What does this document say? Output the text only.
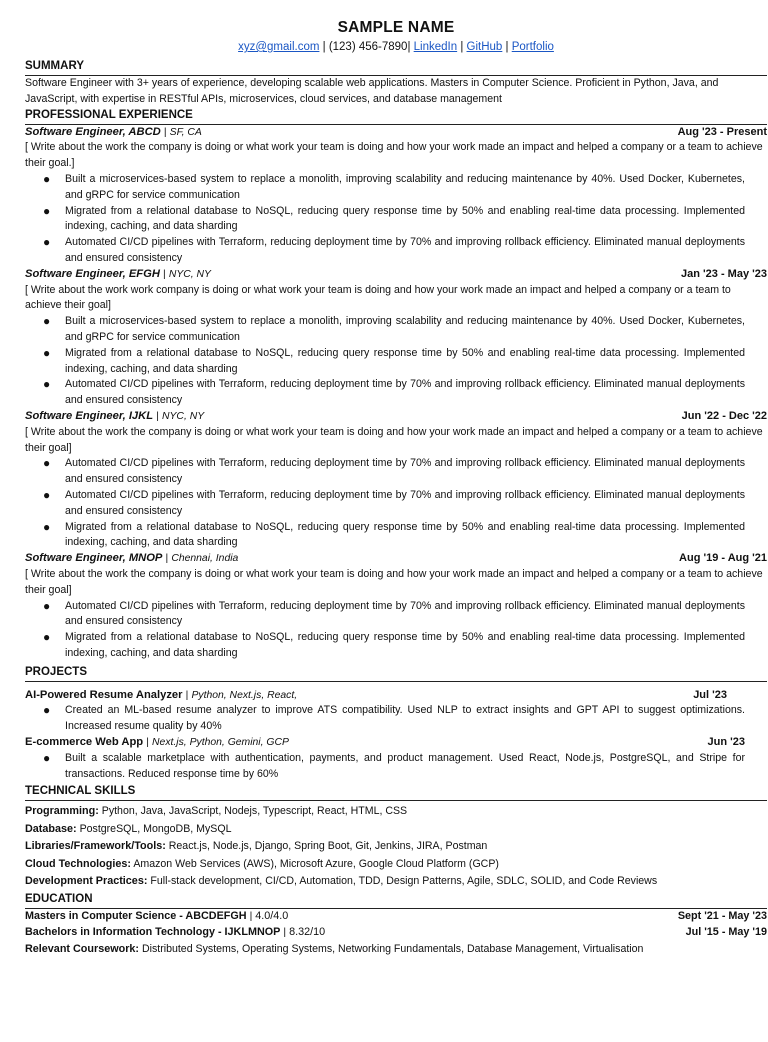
SAMPLE NAME
xyz@gmail.com | (123) 456-7890| LinkedIn | GitHub | Portfolio
SUMMARY
Software Engineer with 3+ years of experience, developing scalable web applications. Masters in Computer Science. Proficient in Python, Java, and JavaScript, with expertise in RESTful APIs, microservices, cloud services, and database management
PROFESSIONAL EXPERIENCE
Software Engineer, ABCD | SF, CA	Aug '23 - Present
[ Write about the work the company is doing or what work your team is doing and how your work made an impact and helped a company or a team to achieve their goal.]
● Built a microservices-based system to replace a monolith, improving scalability and reducing maintenance by 40%. Used Docker, Kubernetes, and gRPC for service communication
● Migrated from a relational database to NoSQL, reducing query response time by 50% and enabling real-time data processing. Implemented indexing, caching, and data sharding
● Automated CI/CD pipelines with Terraform, reducing deployment time by 70% and improving rollback efficiency. Eliminated manual deployments and ensured consistency
Software Engineer, EFGH | NYC, NY	Jan '23 - May '23
[ Write about the work work company is doing or what work your team is doing and how your work made an impact and helped a company or a team to achieve their goal]
● Built a microservices-based system to replace a monolith, improving scalability and reducing maintenance by 40%. Used Docker, Kubernetes, and gRPC for service communication
● Migrated from a relational database to NoSQL, reducing query response time by 50% and enabling real-time data processing. Implemented indexing, caching, and data sharding
● Automated CI/CD pipelines with Terraform, reducing deployment time by 70% and improving rollback efficiency. Eliminated manual deployments and ensured consistency
Software Engineer, IJKL | NYC, NY	Jun '22 - Dec '22
[ Write about the work the company is doing or what work your team is doing and how your work made an impact and helped a company or a team to achieve their goal]
● Automated CI/CD pipelines with Terraform, reducing deployment time by 70% and improving rollback efficiency. Eliminated manual deployments and ensured consistency
● Automated CI/CD pipelines with Terraform, reducing deployment time by 70% and improving rollback efficiency. Eliminated manual deployments and ensured consistency
● Migrated from a relational database to NoSQL, reducing query response time by 50% and enabling real-time data processing. Implemented indexing, caching, and data sharding
Software Engineer, MNOP | Chennai, India	Aug '19 - Aug '21
[ Write about the work the company is doing or what work your team is doing and how your work made an impact and helped a company or a team to achieve their goal]
● Automated CI/CD pipelines with Terraform, reducing deployment time by 70% and improving rollback efficiency. Eliminated manual deployments and ensured consistency
● Migrated from a relational database to NoSQL, reducing query response time by 50% and enabling real-time data processing. Implemented indexing, caching, and data sharding
PROJECTS
AI-Powered Resume Analyzer | Python, Next.js, React,	Jul '23
● Created an ML-based resume analyzer to improve ATS compatibility. Used NLP to extract insights and GPT API to suggest optimizations. Increased resume quality by 40%
E-commerce Web App | Next.js, Python, Gemini, GCP	Jun '23
● Built a scalable marketplace with authentication, payments, and product management. Used React, Node.js, PostgreSQL, and Stripe for transactions. Reduced response time by 60%
TECHNICAL SKILLS
Programming: Python, Java, JavaScript, Nodejs, Typescript, React, HTML, CSS
Database: PostgreSQL, MongoDB, MySQL
Libraries/Framework/Tools: React.js, Node.js, Django, Spring Boot, Git, Jenkins, JIRA, Postman
Cloud Technologies: Amazon Web Services (AWS), Microsoft Azure, Google Cloud Platform (GCP)
Development Practices: Full-stack development, CI/CD, Automation, TDD, Design Patterns, Agile, SDLC, SOLID, and Code Reviews
EDUCATION
Masters in Computer Science - ABCDEFGH | 4.0/4.0	Sept '21 - May '23
Bachelors in Information Technology - IJKLMNOP | 8.32/10	Jul '15 - May '19
Relevant Coursework: Distributed Systems, Operating Systems, Networking Fundamentals, Database Management, Virtualisation
